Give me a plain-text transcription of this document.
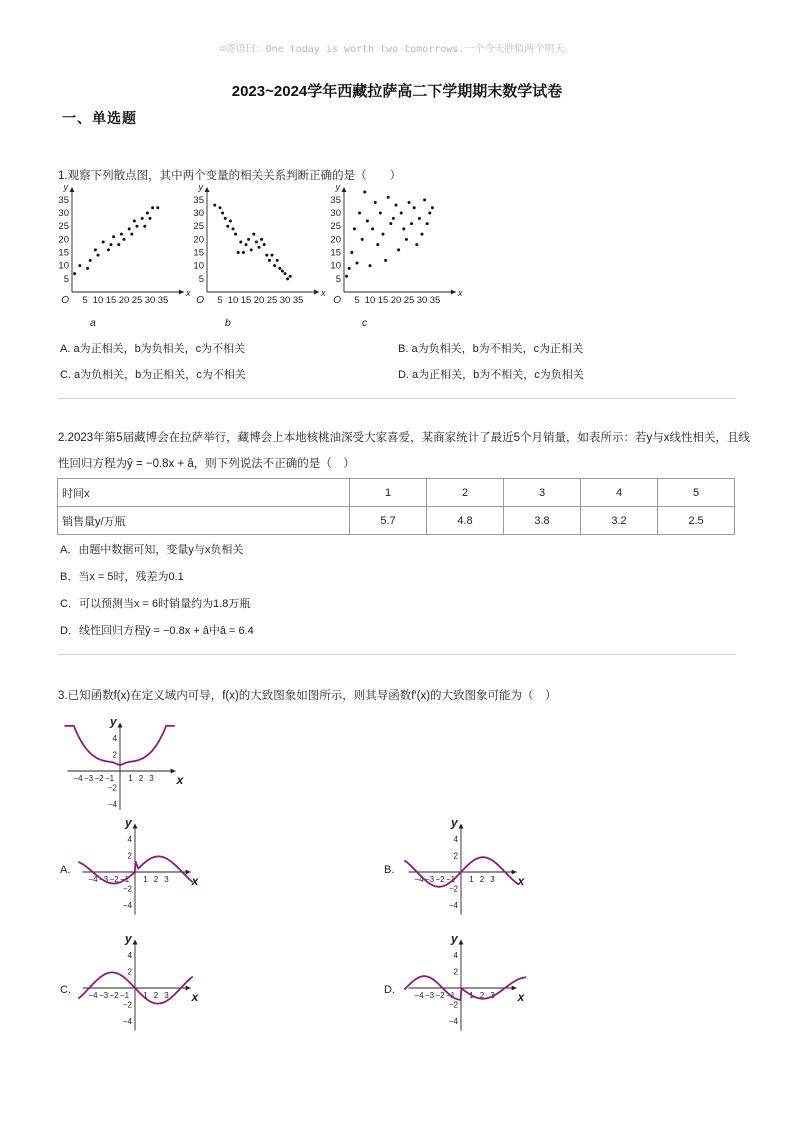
☺寄语曰：One today is worth two tomorrows.一个今天胜似两个明天。
2023~2024学年西藏拉萨高二下学期期末数学试卷
一、单选题
1.观察下列散点图，其中两个变量的相关关系判断正确的是（　　）
x
y
O
5
10
15
20
25
30
35
5 10 15 20 25 30 35
a
x
y
O
5
10
15
20
25
30
35
5 10 15 20 25 30 35
b
x
y
O
5
10
15
20
25
30
35
5 10 15 20 25 30 35
c
A. a为正相关，b为负相关，c为不相关	B. a为负相关，b为不相关，c为正相关
C. a为负相关，b为正相关，c为不相关	D. a为正相关，b为不相关，c为负相关
2.2023年第5届藏博会在拉萨举行，藏博会上本地核桃油深受大家喜爱，某商家统计了最近5个月销量，如表所示：若y与x线性相关，且线
性回归方程为ŷ = −0.8x + â，则下列说法不正确的是（　）
时间x	1	2	3	4	5
销售量y/万瓶	5.7	4.8	3.8	3.2	2.5
A．由题中数据可知，变量y与x负相关
B．当x = 5时，残差为0.1
C．可以预测当x = 6时销量约为1.8万瓶
D．线性回归方程ŷ = −0.8x + â中â = 6.4
3.已知函数f(x)在定义域内可导，f(x)的大致图象如图所示，则其导函数f′(x)的大致图象可能为（　）
y
x
−4 −3 −2 −1 1 2 3
4
2
−2
−4
A.
y
x
−4 −3 −2 −1 1 2 3
4
2
−2
−4
B.
y
x
−4 −3 −2 −1 1 2 3
4
2
−2
−4
C.
y
x
−4 −3 −2 −1 1 2 3
4
2
−2
−4
D.
y
x
−4 −3 −2 −1 1 2 3
4
2
−2
−4
